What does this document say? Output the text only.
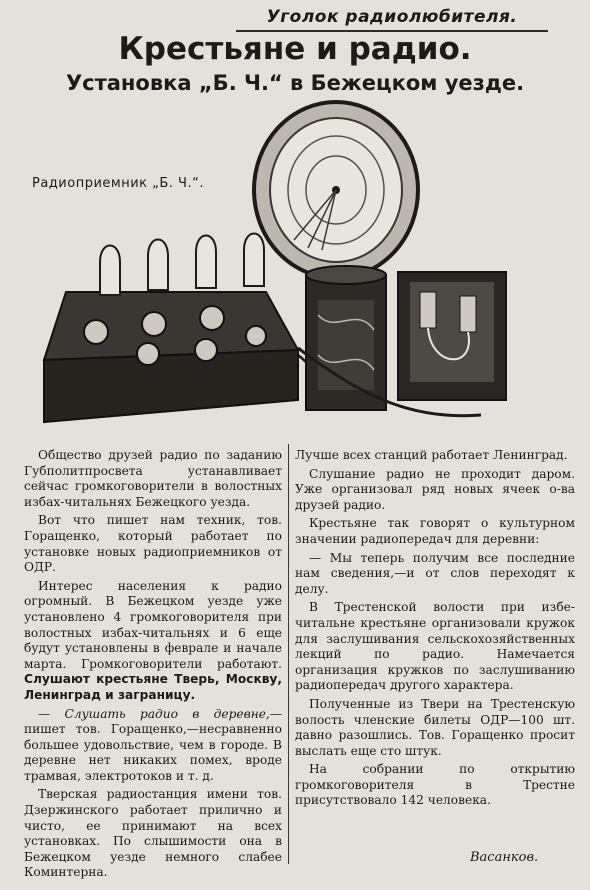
Уголок радиолюбителя.
Крестьяне и радио.
Установка „Б. Ч.“ в Бежецком уезде.
Радиоприемник „Б. Ч.“.

Общество друзей радио по заданию Губполитпросвета устанавливает сейчас громкоговорители в волостных избах-читальнях Бежецкого уезда.

Вот что пишет нам техник, тов. Горащенко, который работает по установке новых радиоприемников от ОДР.

Интерес населения к радио огромный. В Бежецком уезде уже установлено 4 громкоговорителя при волостных избах-читальнях и 6 еще будут установлены в феврале и начале марта. Громкоговорители работают. Слушают крестьяне Тверь, Москву, Ленинград и заграницу.

— Слушать радио в деревне,— пишет тов. Горащенко,—несравненно большее удовольствие, чем в городе. В деревне нет никаких помех, вроде трамвая, электротоков и т. д.

Тверская радиостанция имени тов. Дзержинского работает прилично и чисто, ее принимают на всех установках. По слышимости она в Бежецком уезде немного слабее Коминтерна.

Лучше всех станций работает Ленинград.

Слушание радио не проходит даром. Уже организовал ряд новых ячеек о-ва друзей радио.

Крестьяне так говорят о культурном значении радиопередач для деревни:

— Мы теперь получим все последние нам сведения,—и от слов переходят к делу.

В Трестенской волости при избе-читальне крестьяне организовали кружок для заслушивания сельскохозяйственных лекций по радио. Намечается организация кружков по заслушиванию радиопередач другого характера.

Полученные из Твери на Трестенскую волость членские билеты ОДР—100 шт. давно разошлись. Тов. Горащенко просит выслать еще сто штук.

На собрании по открытию громкоговорителя в Трестне присутствовало 142 человека.

Васанков.
